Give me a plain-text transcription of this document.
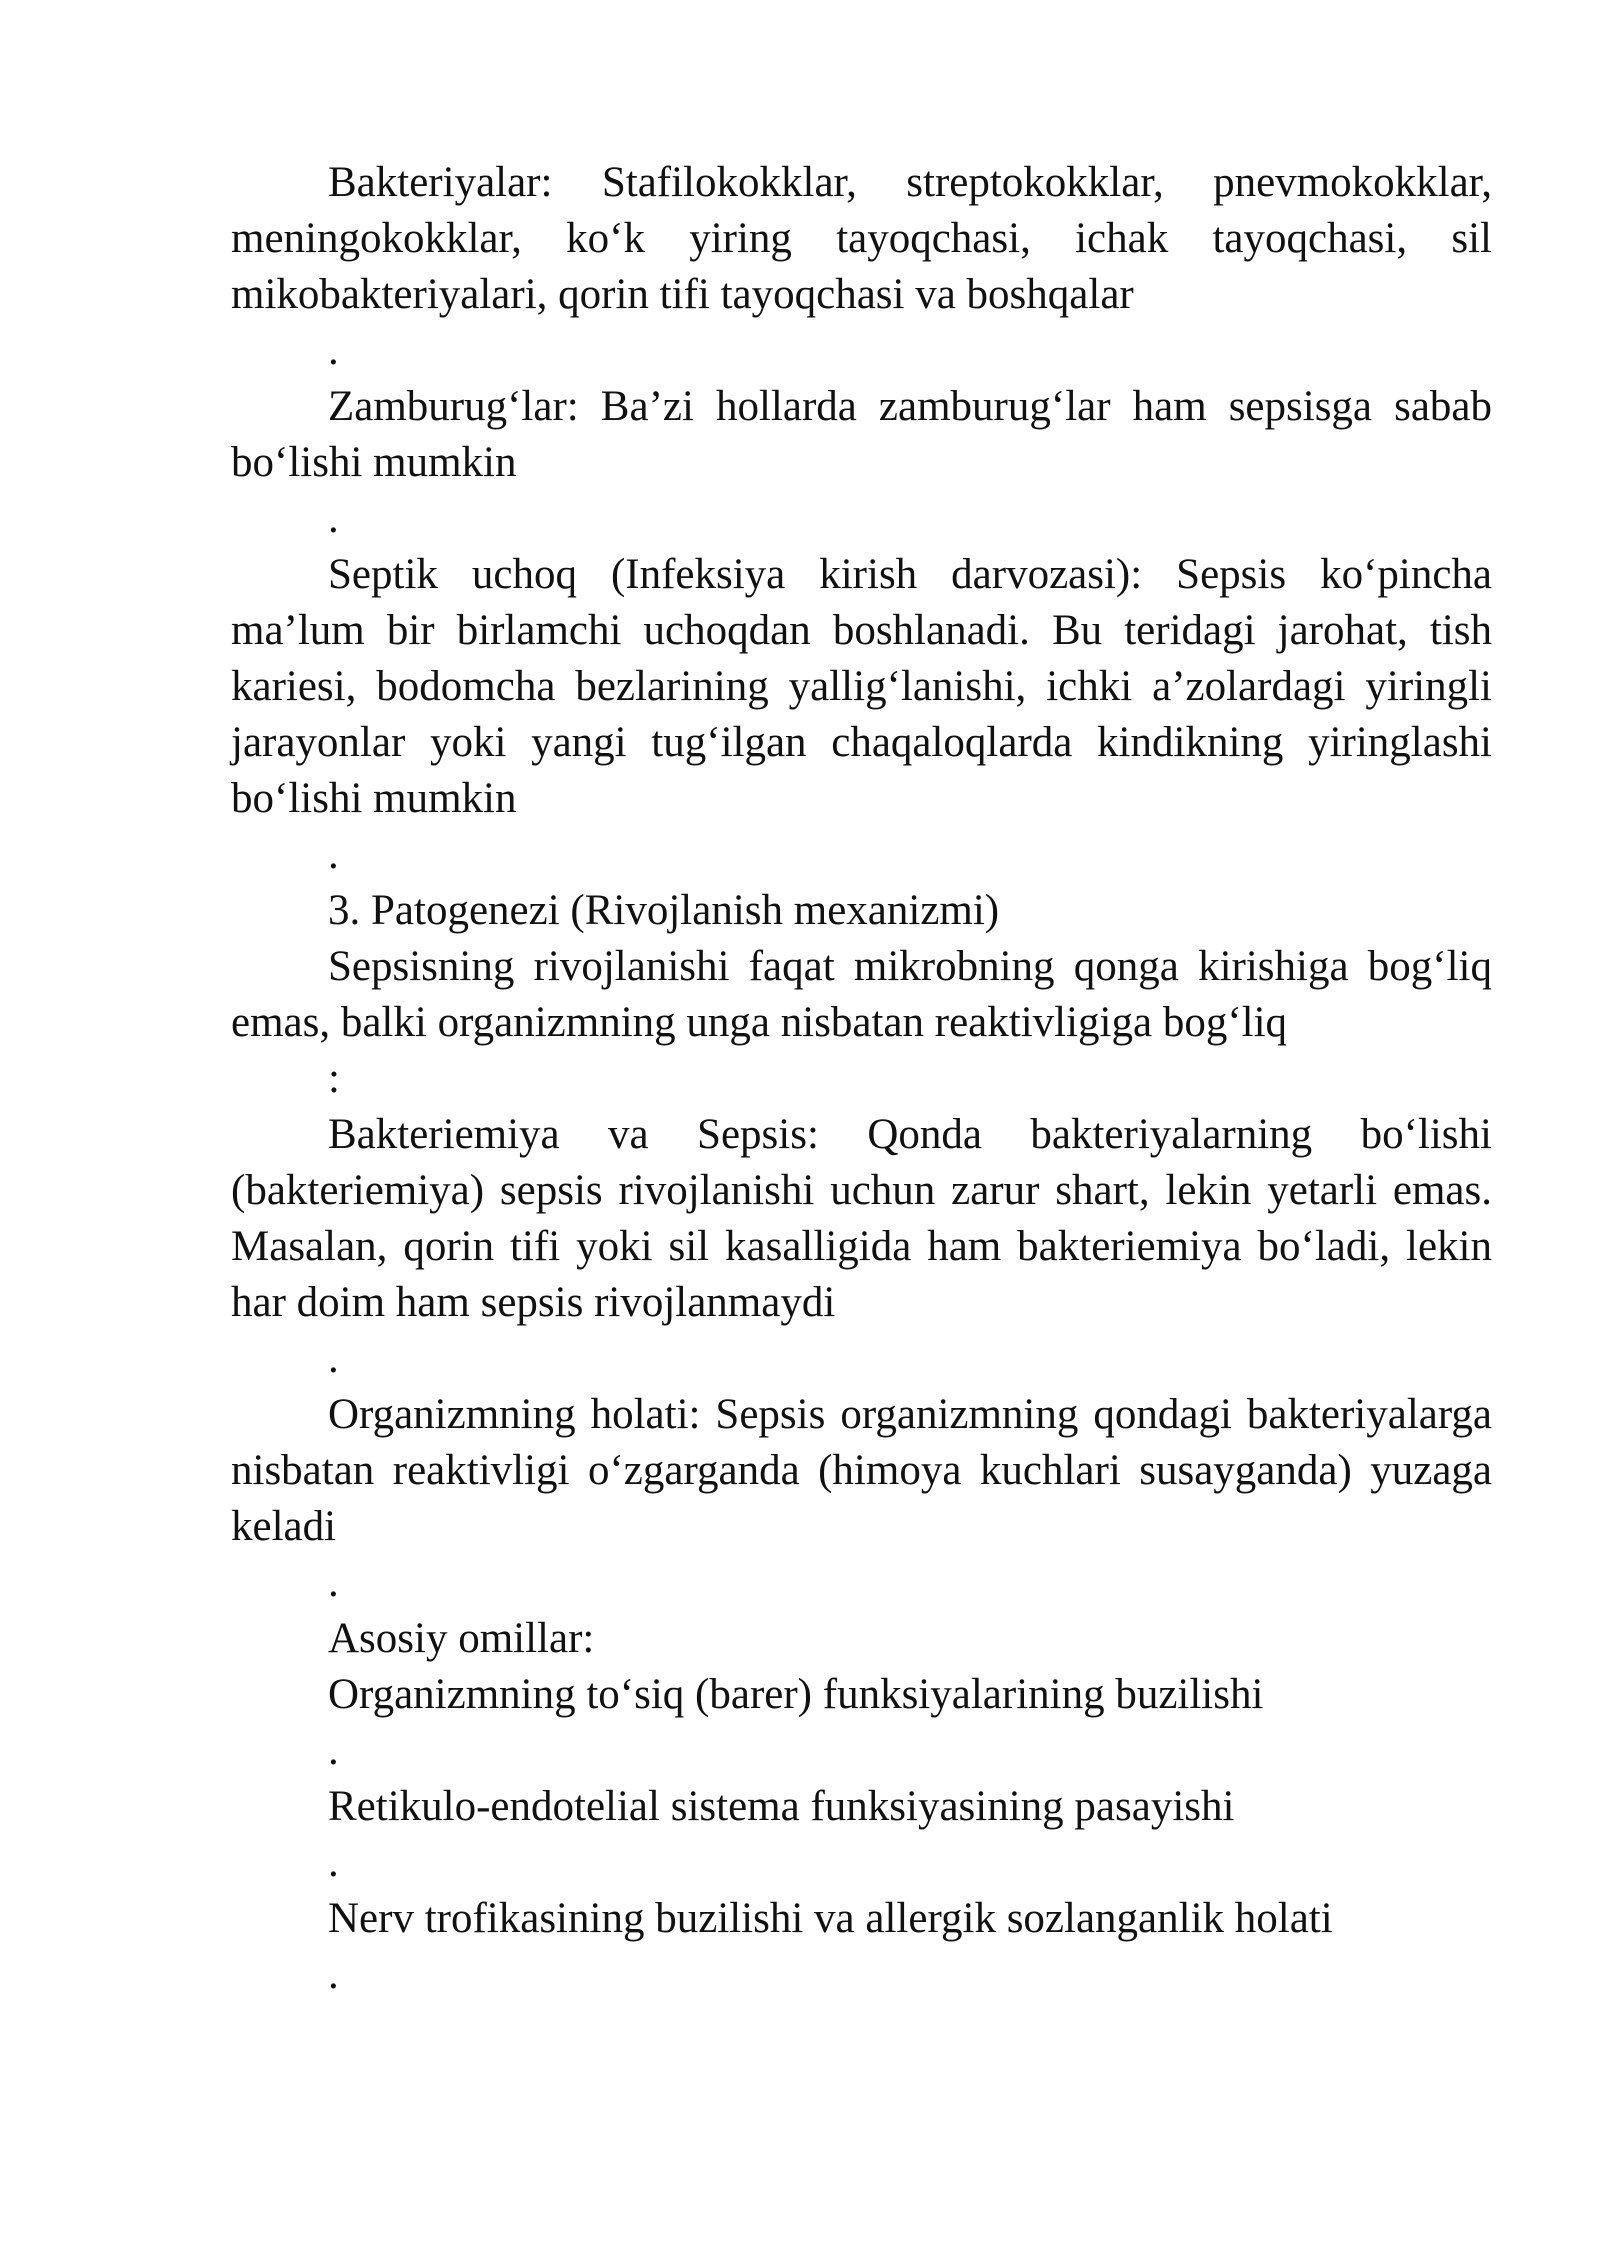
Bakteriyalar: Stafilokokklar, streptokokklar, pnevmokokklar, meningokokklar, ko‘k yiring tayoqchasi, ichak tayoqchasi, sil mikobakteriyalari, qorin tifi tayoqchasi va boshqalar

.

Zamburug‘lar: Ba’zi hollarda zamburug‘lar ham sepsisga sabab bo‘lishi mumkin

.

Septik uchoq (Infeksiya kirish darvozasi): Sepsis ko‘pincha ma’lum bir birlamchi uchoqdan boshlanadi. Bu teridagi jarohat, tish kariesi, bodomcha bezlarining yallig‘lanishi, ichki a’zolardagi yiringli jarayonlar yoki yangi tug‘ilgan chaqaloqlarda kindikning yiringlashi bo‘lishi mumkin

.

3. Patogenezi (Rivojlanish mexanizmi)

Sepsisning rivojlanishi faqat mikrobning qonga kirishiga bog‘liq emas, balki organizmning unga nisbatan reaktivligiga bog‘liq

:

Bakteriemiya va Sepsis: Qonda bakteriyalarning bo‘lishi (bakteriemiya) sepsis rivojlanishi uchun zarur shart, lekin yetarli emas. Masalan, qorin tifi yoki sil kasalligida ham bakteriemiya bo‘ladi, lekin har doim ham sepsis rivojlanmaydi

.

Organizmning holati: Sepsis organizmning qondagi bakteriyalarga nisbatan reaktivligi o‘zgarganda (himoya kuchlari susayganda) yuzaga keladi

.

Asosiy omillar:

Organizmning to‘siq (barer) funksiyalarining buzilishi

.

Retikulo-endotelial sistema funksiyasining pasayishi

.

Nerv trofikasining buzilishi va allergik sozlanganlik holati

.
